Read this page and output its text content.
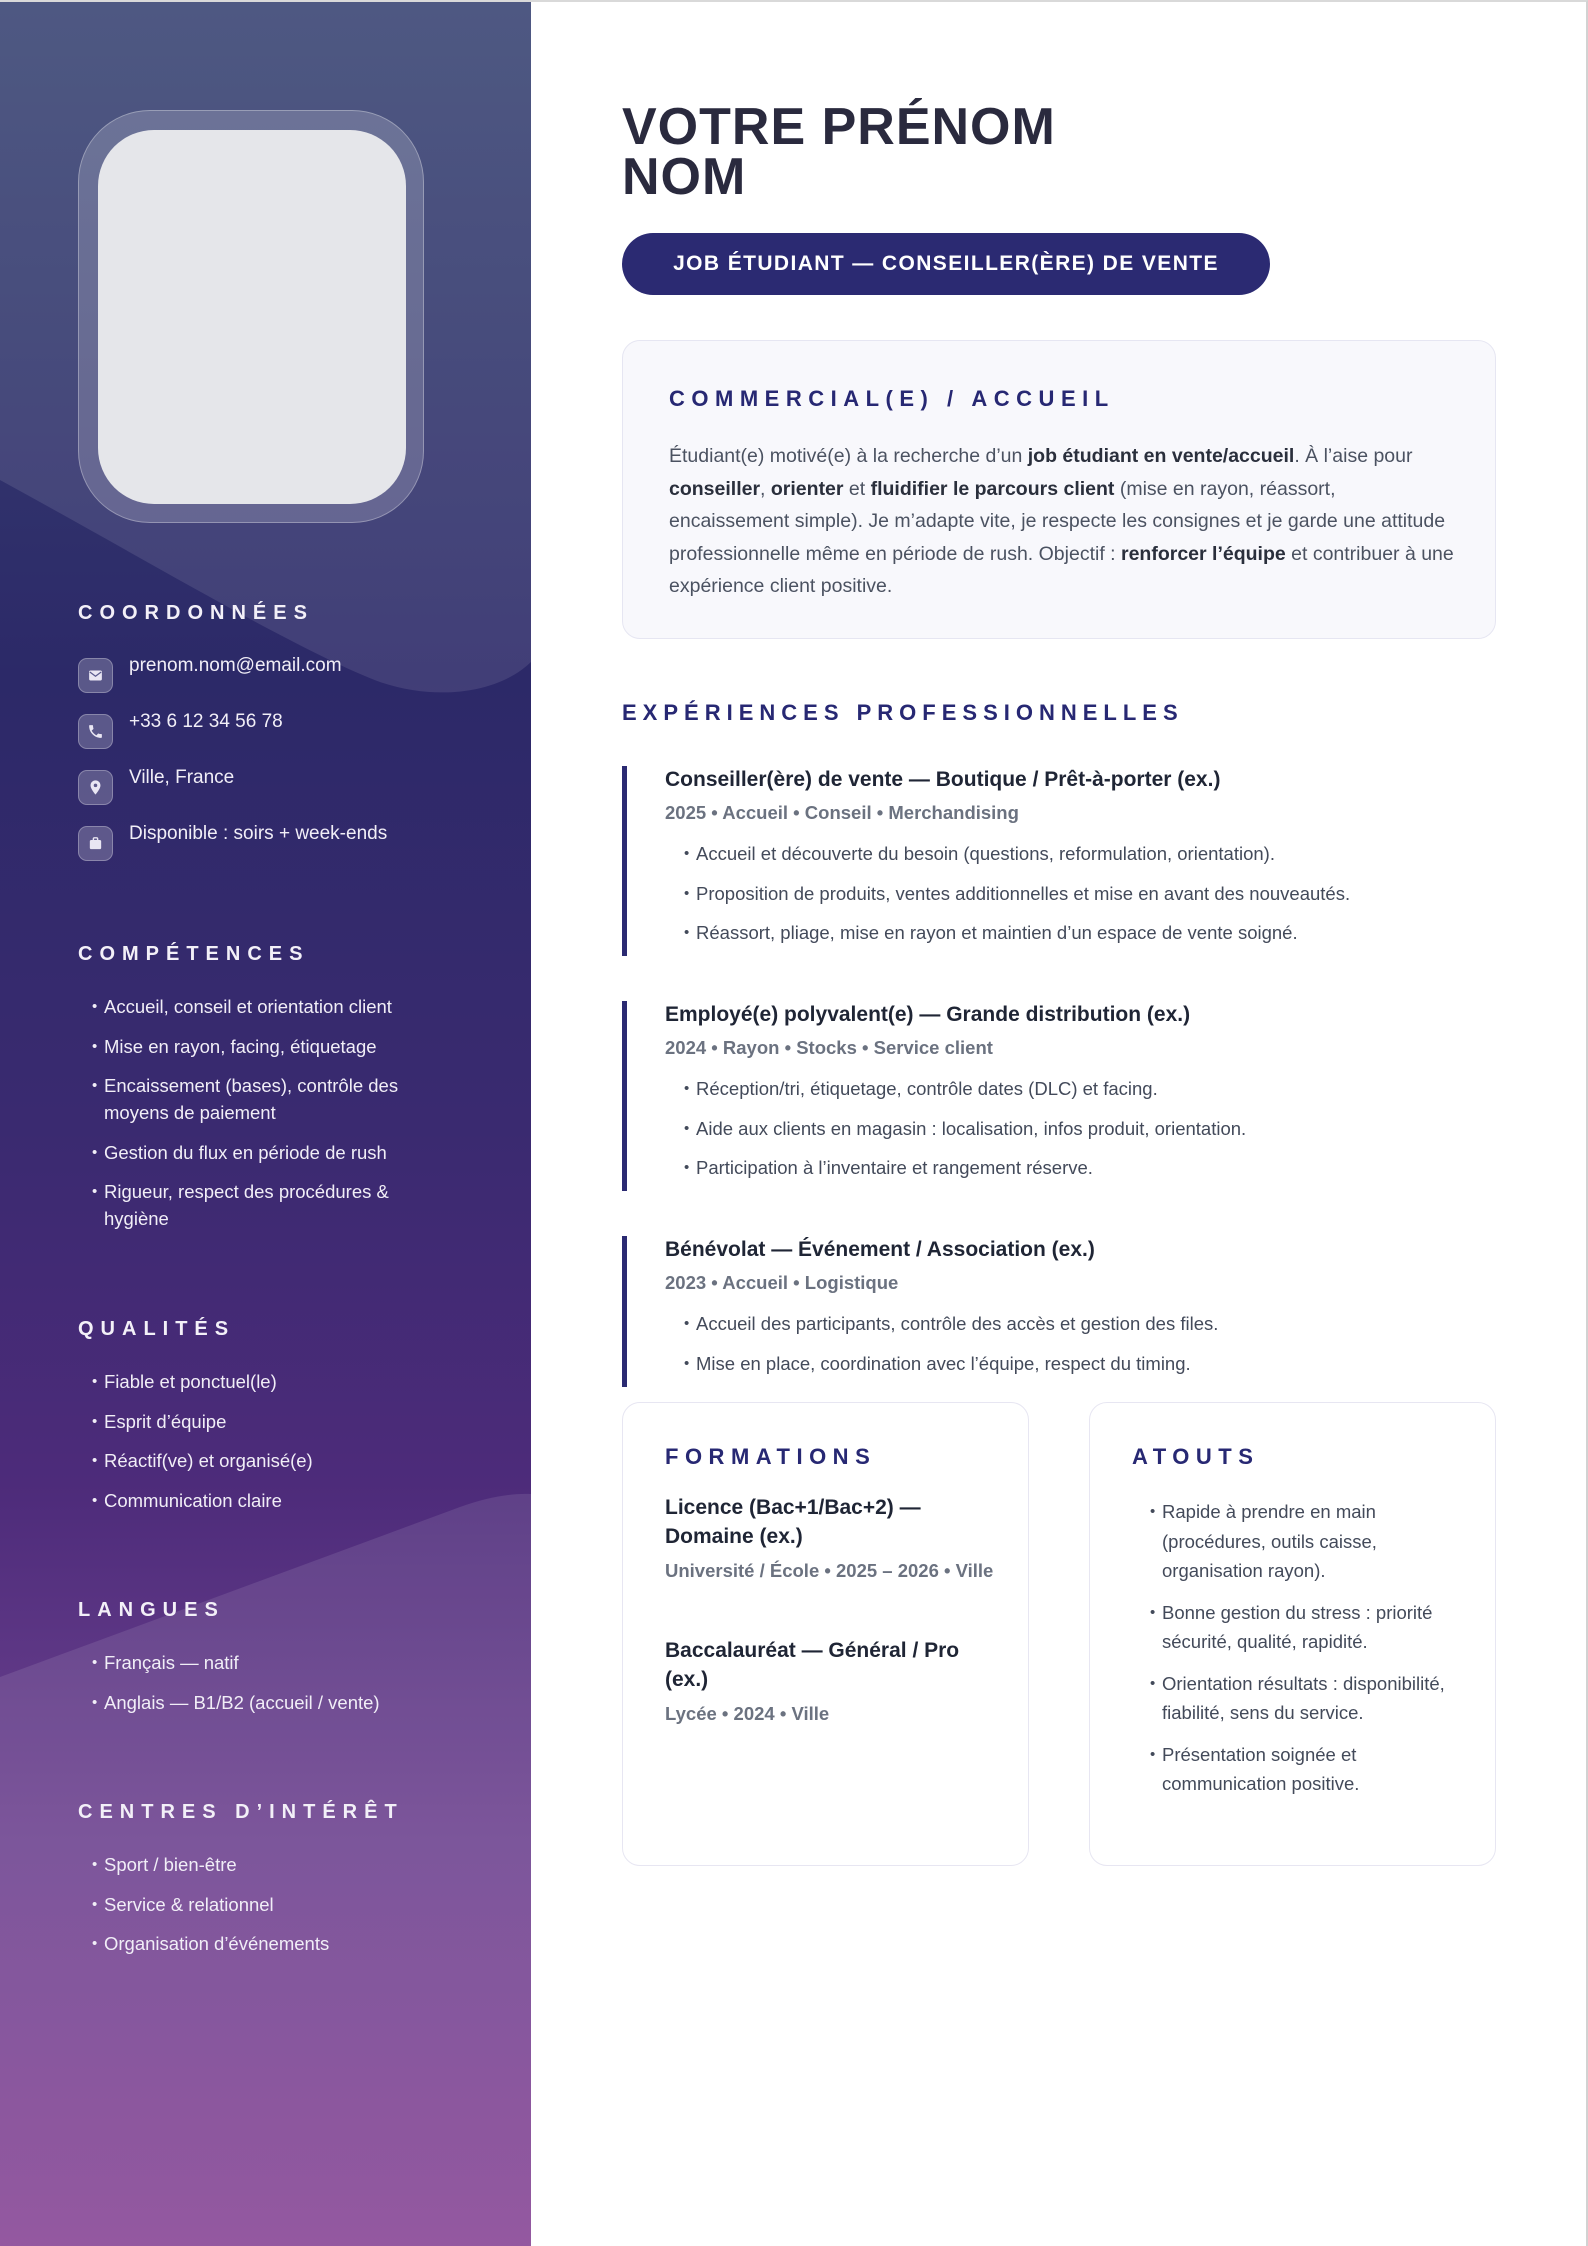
COORDONNÉES
prenom.nom@email.com
+33 6 12 34 56 78
Ville, France
Disponible : soirs + week-ends
COMPÉTENCES
• Accueil, conseil et orientation client
• Mise en rayon, facing, étiquetage
• Encaissement (bases), contrôle des moyens de paiement
• Gestion du flux en période de rush
• Rigueur, respect des procédures & hygiène
QUALITÉS
• Fiable et ponctuel(le)
• Esprit d’équipe
• Réactif(ve) et organisé(e)
• Communication claire
LANGUES
• Français — natif
• Anglais — B1/B2 (accueil / vente)
CENTRES D’INTÉRÊT
• Sport / bien-être
• Service & relationnel
• Organisation d’événements
VOTRE PRÉNOM
NOM
JOB ÉTUDIANT — CONSEILLER(ÈRE) DE VENTE
COMMERCIAL(E) / ACCUEIL

Étudiant(e) motivé(e) à la recherche d’un job étudiant en vente/accueil. À l’aise pour conseiller, orienter et fluidifier le parcours client (mise en rayon, réassort, encaissement simple). Je m’adapte vite, je respecte les consignes et je garde une attitude professionnelle même en période de rush. Objectif : renforcer l’équipe et contribuer à une expérience client positive.

EXPÉRIENCES PROFESSIONNELLES
Conseiller(ère) de vente — Boutique / Prêt-à-porter (ex.)
2025 • Accueil • Conseil • Merchandising
• Accueil et découverte du besoin (questions, reformulation, orientation).
• Proposition de produits, ventes additionnelles et mise en avant des nouveautés.
• Réassort, pliage, mise en rayon et maintien d’un espace de vente soigné.
Employé(e) polyvalent(e) — Grande distribution (ex.)
2024 • Rayon • Stocks • Service client
• Réception/tri, étiquetage, contrôle dates (DLC) et facing.
• Aide aux clients en magasin : localisation, infos produit, orientation.
• Participation à l’inventaire et rangement réserve.
Bénévolat — Événement / Association (ex.)
2023 • Accueil • Logistique
• Accueil des participants, contrôle des accès et gestion des files.
• Mise en place, coordination avec l’équipe, respect du timing.
FORMATIONS
Licence (Bac+1/Bac+2) — Domaine (ex.)
Université / École • 2025 – 2026 • Ville
Baccalauréat — Général / Pro (ex.)
Lycée • 2024 • Ville
ATOUTS
• Rapide à prendre en main (procédures, outils caisse, organisation rayon).
• Bonne gestion du stress : priorité sécurité, qualité, rapidité.
• Orientation résultats : disponibilité, fiabilité, sens du service.
• Présentation soignée et communication positive.
